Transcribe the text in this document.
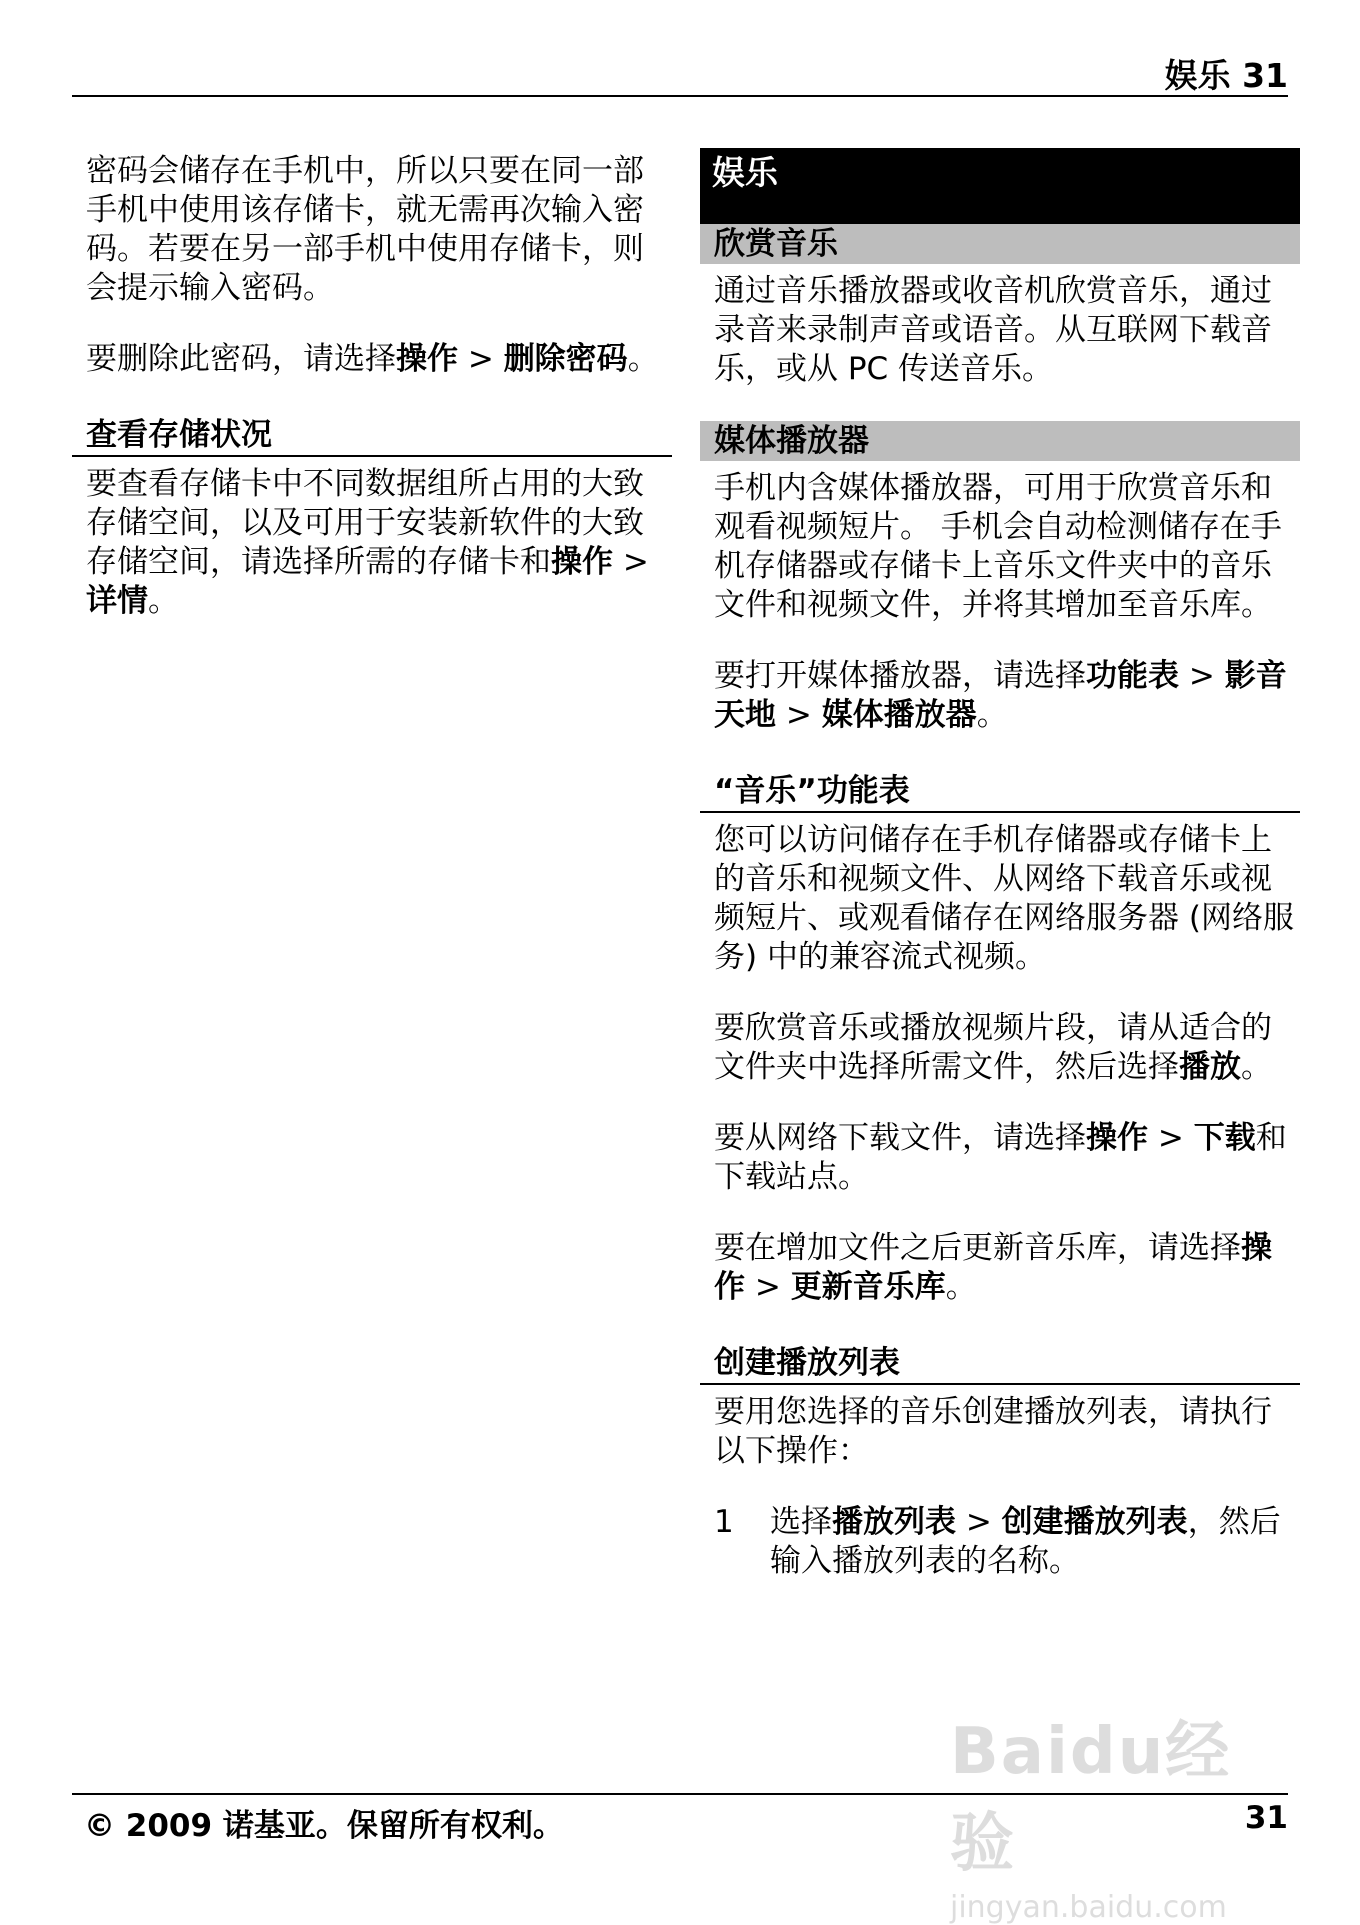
娱乐 31

密码会储存在手机中，所以只要在同一部手机中使用该存储卡，就无需再次输入密码。若要在另一部手机中使用存储卡，则会提示输入密码。

要删除此密码，请选择操作 > 删除密码。

查看存储状况

要查看存储卡中不同数据组所占用的大致存储空间，以及可用于安装新软件的大致存储空间，请选择所需的存储卡和操作 > 详情。

娱乐
欣赏音乐

通过音乐播放器或收音机欣赏音乐，通过录音来录制声音或语音。从互联网下载音乐，或从 PC 传送音乐。

媒体播放器

手机内含媒体播放器，可用于欣赏音乐和观看视频短片。 手机会自动检测储存在手机存储器或存储卡上音乐文件夹中的音乐文件和视频文件，并将其增加至音乐库。

要打开媒体播放器，请选择功能表 > 影音天地 > 媒体播放器。

“音乐”功能表

您可以访问储存在手机存储器或存储卡上的音乐和视频文件、从网络下载音乐或视频短片、或观看储存在网络服务器 (网络服务) 中的兼容流式视频。

要欣赏音乐或播放视频片段，请从适合的文件夹中选择所需文件，然后选择播放。

要从网络下载文件，请选择操作 > 下载和下载站点。

要在增加文件之后更新音乐库，请选择操作 > 更新音乐库。

创建播放列表

要用您选择的音乐创建播放列表，请执行以下操作：

1	选择播放列表 > 创建播放列表，然后输入播放列表的名称。
Baidu经验
jingyan.baidu.com
© 2009 诺基亚。保留所有权利。	31
